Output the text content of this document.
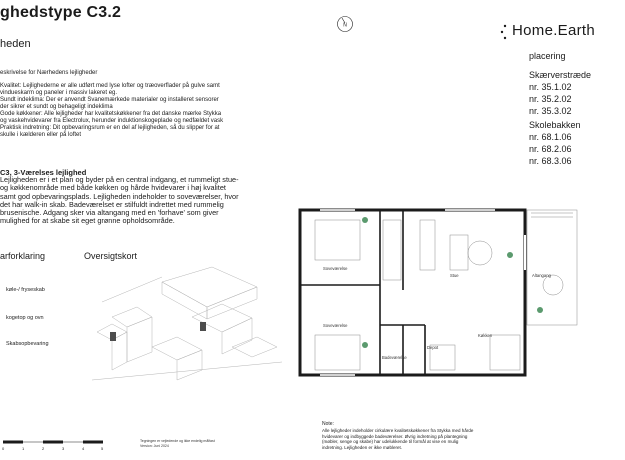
ghedstype C3.2
heden
eskrivelse for Nærhedens lejligheder
Kvalitet: Lejlighederne er alle udført med lyse lofter og træoverflader på gulve samt
vinduesk‌arm og paneler i massiv lakeret eg.
Sundt indeklima: Der er anvendt Svanemærkede materialer og installeret sensorer
der sikrer et sundt og behageligt indeklima
Gode køkkener: Alle lejligheder har kvalitetskøkkener fra det danske mærke Stykka
og vaskehvidevarer fra Electrolux, herunder induktionskogeplade og nedfældet vask
Praktisk indretning: Dit opbevaringsrum er en del af lejligheden, så du slipper for at
skulle i kælderen eller på loftet
C3, 3-Værelses lejlighed
Lejligheden er i et plan og byder på en central indgang, et rummeligt stue-
og køkkenområde med både køkken og hårde hvidevarer i høj kvalitet
samt god opbevaringsplads. Lejligheden indeholder to soveværelser, hvor
det har walk-in skab. Badeværelset er stilfuldt indrettet med rummelig
brusenische. Adgang sker via altangang med en 'forhave' som giver
mulighed for at skabe sit eget grønne opholdsområde.
arforklaring
køle-/ fryseskab
kogetop og ovn
Skabsopbevaring
Oversigtskort
0	1	2	3	4	5
Tegningen er vejledende og ikke endelig målfast
Version: Juni 2024
N	Home.Earth
placering
Skærverstræde
nr. 35.1.02
nr. 35.2.02
nr. 35.3.02
Skolebakken
nr. 68.1.06
nr. 68.2.06
nr. 68.3.06
Soveværelse
Soveværelse
Stue	Altangang
Badeværelse
Depot
Køkken
Note:
Alle lejligheder indeholder cirkulære kvalitetskøkkener fra Stykka med hårde
hvidevarer og indbyggede badeværelser. Øvrig indretning på plantegning
(møbler, senge og skabe) har udelukkende til formål at vise en mulig
indretning. Lejligheden er ikke møbleret.
